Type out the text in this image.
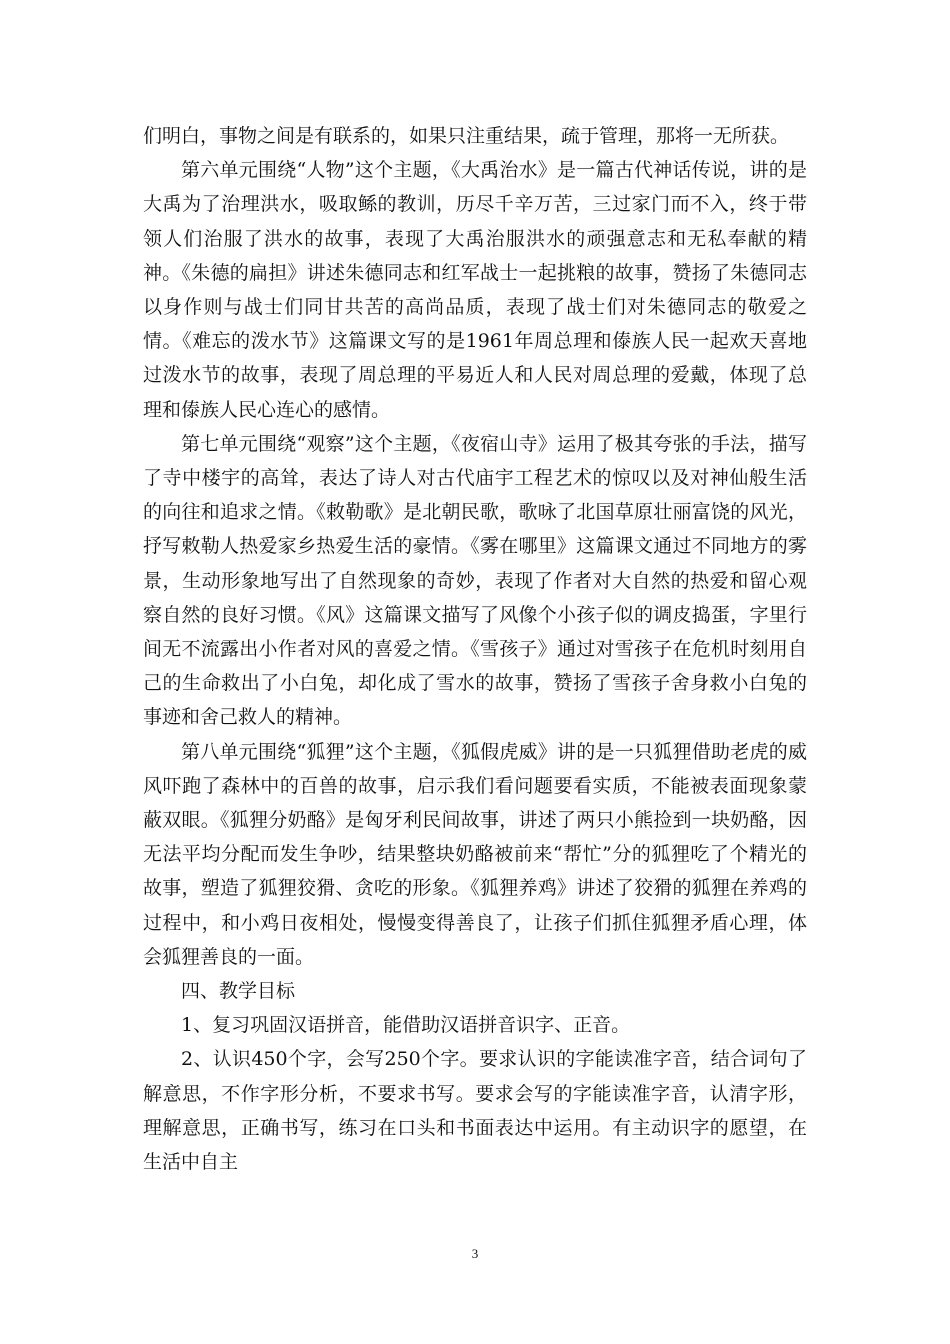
们明白，事物之间是有联系的，如果只注重结果，疏于管理，那将一无所获。

第六单元围绕“人物”这个主题，《大禹治水》是一篇古代神话传说，讲的是大禹为了治理洪水，吸取鲧的教训，历尽千辛万苦，三过家门而不入，终于带领人们治服了洪水的故事，表现了大禹治服洪水的顽强意志和无私奉献的精神。《朱德的扁担》讲述朱德同志和红军战士一起挑粮的故事，赞扬了朱德同志以身作则与战士们同甘共苦的高尚品质，表现了战士们对朱德同志的敬爱之情。《难忘的泼水节》这篇课文写的是1961年周总理和傣族人民一起欢天喜地过泼水节的故事，表现了周总理的平易近人和人民对周总理的爱戴，体现了总理和傣族人民心连心的感情。

第七单元围绕“观察”这个主题，《夜宿山寺》运用了极其夸张的手法，描写了寺中楼宇的高耸，表达了诗人对古代庙宇工程艺术的惊叹以及对神仙般生活的向往和追求之情。《敕勒歌》是北朝民歌，歌咏了北国草原壮丽富饶的风光，抒写敕勒人热爱家乡热爱生活的豪情。《雾在哪里》这篇课文通过不同地方的雾景，生动形象地写出了自然现象的奇妙，表现了作者对大自然的热爱和留心观察自然的良好习惯。《风》这篇课文描写了风像个小孩子似的调皮捣蛋，字里行间无不流露出小作者对风的喜爱之情。《雪孩子》通过对雪孩子在危机时刻用自己的生命救出了小白兔，却化成了雪水的故事，赞扬了雪孩子舍身救小白兔的事迹和舍己救人的精神。

第八单元围绕“狐狸”这个主题，《狐假虎威》讲的是一只狐狸借助老虎的威风吓跑了森林中的百兽的故事，启示我们看问题要看实质，不能被表面现象蒙蔽双眼。《狐狸分奶酪》是匈牙利民间故事，讲述了两只小熊捡到一块奶酪，因无法平均分配而发生争吵，结果整块奶酪被前来“帮忙”分的狐狸吃了个精光的故事，塑造了狐狸狡猾、贪吃的形象。《狐狸养鸡》讲述了狡猾的狐狸在养鸡的过程中，和小鸡日夜相处，慢慢变得善良了，让孩子们抓住狐狸矛盾心理，体会狐狸善良的一面。

四、教学目标

1、复习巩固汉语拼音，能借助汉语拼音识字、正音。

2、认识450个字，会写250个字。要求认识的字能读准字音，结合词句了解意思，不作字形分析，不要求书写。要求会写的字能读准字音，认清字形，理解意思，正确书写，练习在口头和书面表达中运用。有主动识字的愿望，在生活中自主

3
